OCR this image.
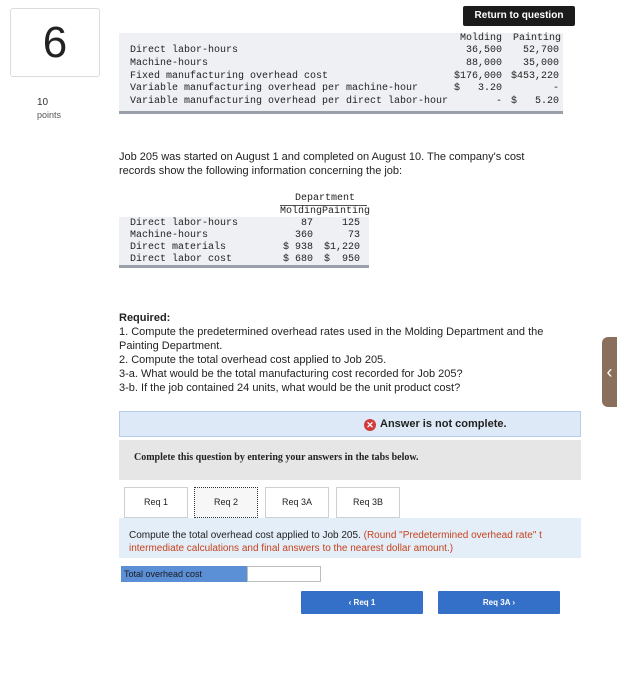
6
10
points
Return to question
Molding Painting
Direct labor-hours	36,500 52,700
Machine-hours	88,000 35,000
Fixed manufacturing overhead cost	$176,000 $453,220
Variable manufacturing overhead per machine-hour	$   3.20	-
Variable manufacturing overhead per direct labor-hour	- $   5.20
Job 205 was started on August 1 and completed on August 10. The company's cost records show the following information concerning the job:
Department
Molding Painting
Direct labor-hours	87	125
Machine-hours	360	73
Direct materials	$ 938 $1,220
Direct labor cost	$ 680 $  950
Required:
1. Compute the predetermined overhead rates used in the Molding Department and the Painting Department.
2. Compute the total overhead cost applied to Job 205.
3-a. What would be the total manufacturing cost recorded for Job 205?
3-b. If the job contained 24 units, what would be the unit product cost?
✕ Answer is not complete.
Complete this question by entering your answers in the tabs below.
Req 1	Req 2	Req 3A	Req 3B
Compute the total overhead cost applied to Job 205. (Round "Predetermined overhead rate" t
intermediate calculations and final answers to the nearest dollar amount.)
Total overhead cost
‹ Req 1	Req 3A ›
‹
